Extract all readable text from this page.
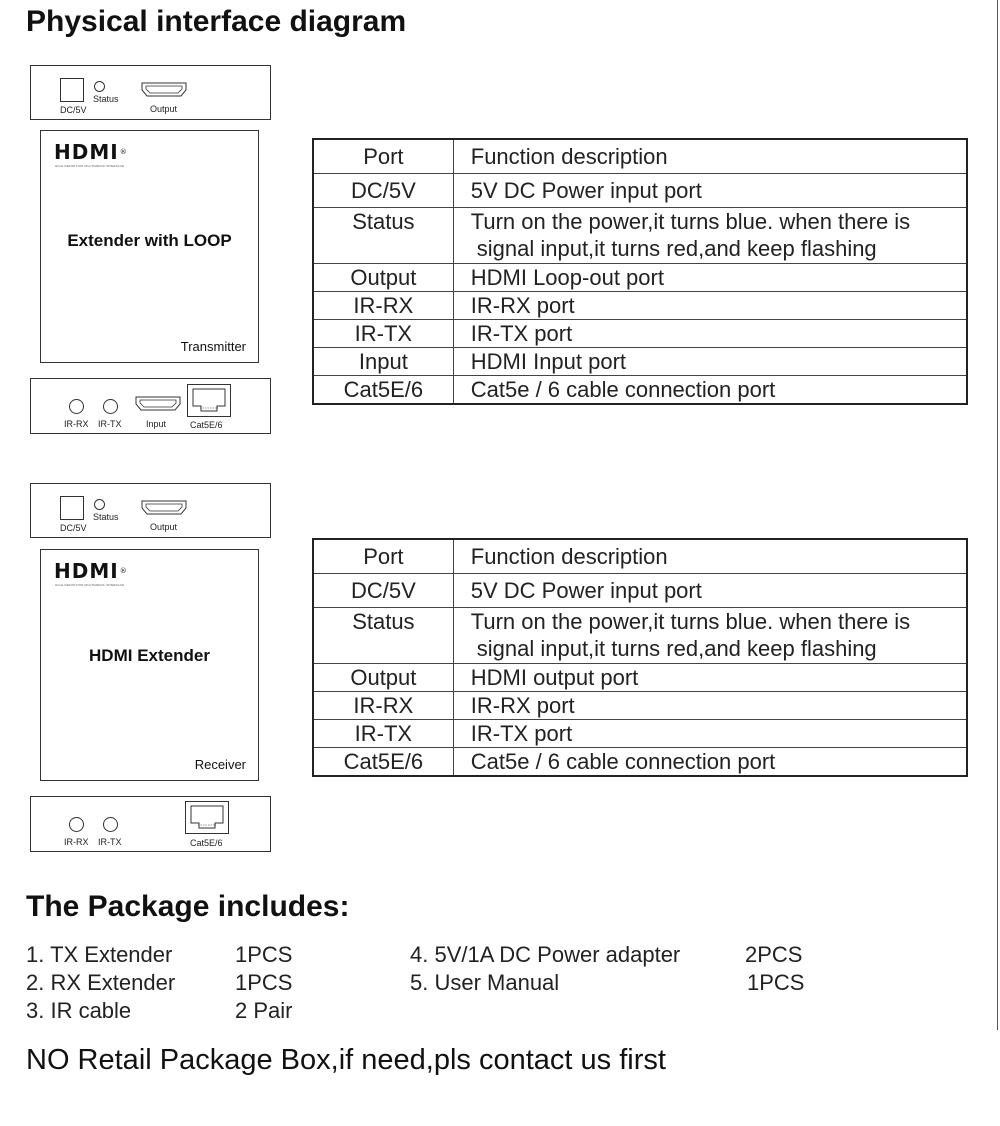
Physical interface diagram
Status
DC/5V	Output
HDMI®
HIGH-DEFINITION MULTIMEDIA INTERFACE
Extender with LOOP
Transmitter
IR-RX IR-TX	Input	Cat5E/6
Port	Function description
DC/5V	5V DC Power input port
Status	Turn on the power,it turns blue. when there is
signal input,it turns red,and keep flashing

Output	HDMI Loop-out port
IR-RX	IR-RX port
IR-TX	IR-TX port
Input	HDMI Input port
Cat5E/6	Cat5e / 6 cable connection port
Status
DC/5V	Output
HDMI®
HIGH-DEFINITION MULTIMEDIA INTERFACE
HDMI Extender
Receiver
IR-RX IR-TX	Cat5E/6
Port	Function description
DC/5V	5V DC Power input port
Status	Turn on the power,it turns blue. when there is
signal input,it turns red,and keep flashing

Output	HDMI output port
IR-RX	IR-RX port
IR-TX	IR-TX port
Cat5E/6	Cat5e / 6 cable connection port
The Package includes:
1. TX Extender	1PCS
2. RX Extender	1PCS
3. IR cable	2 Pair
4. 5V/1A DC Power adapter	2PCS
5. User Manual	1PCS
NO Retail Package Box,if need,pls contact us first
